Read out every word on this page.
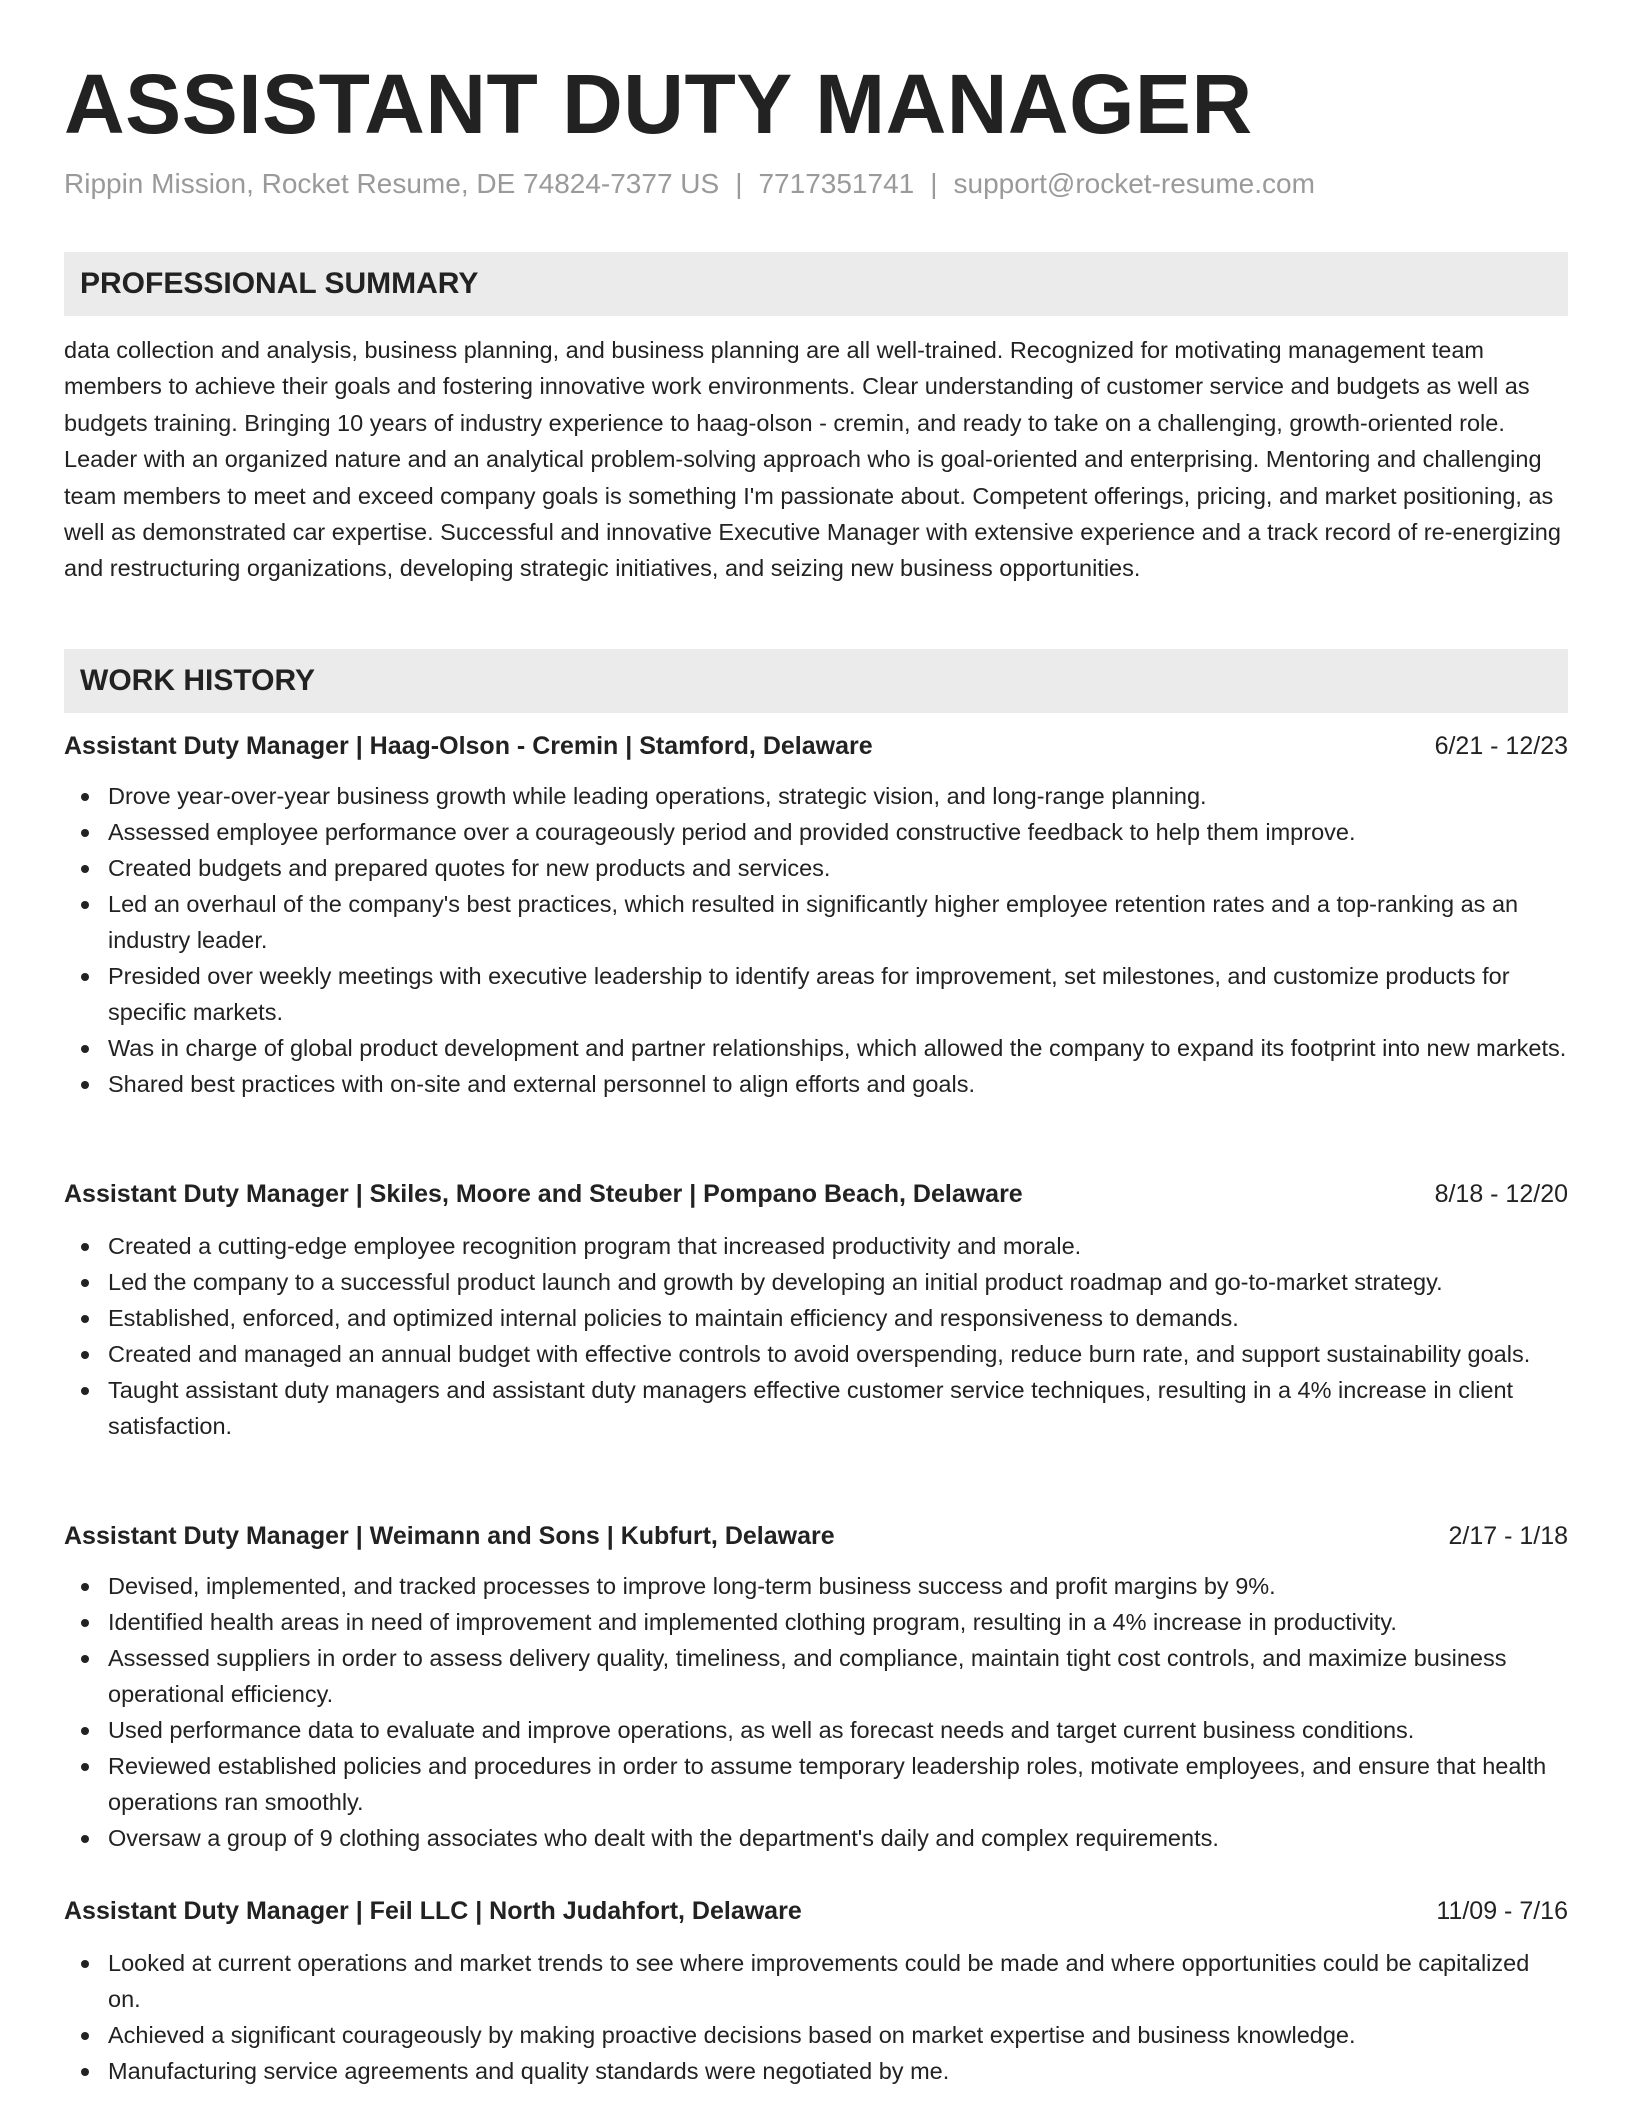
ASSISTANT DUTY MANAGER
Rippin Mission, Rocket Resume, DE 74824-7377 US | 7717351741 | support@rocket-resume.com
PROFESSIONAL SUMMARY

data collection and analysis, business planning, and business planning are all well-trained. Recognized for motivating management team members to achieve their goals and fostering innovative work environments. Clear understanding of customer service and budgets as well as budgets training. Bringing 10 years of industry experience to haag-olson - cremin, and ready to take on a challenging, growth-oriented role. Leader with an organized nature and an analytical problem-solving approach who is goal-oriented and enterprising. Mentoring and challenging team members to meet and exceed company goals is something I'm passionate about. Competent offerings, pricing, and market positioning, as well as demonstrated car expertise. Successful and innovative Executive Manager with extensive experience and a track record of re-energizing and restructuring organizations, developing strategic initiatives, and seizing new business opportunities.

WORK HISTORY
Assistant Duty Manager | Haag-Olson - Cremin | Stamford, Delaware	6/21 - 12/23
Drove year-over-year business growth while leading operations, strategic vision, and long-range planning.
Assessed employee performance over a courageously period and provided constructive feedback to help them improve.
Created budgets and prepared quotes for new products and services.
Led an overhaul of the company's best practices, which resulted in significantly higher employee retention rates and a top-ranking as an industry leader.
Presided over weekly meetings with executive leadership to identify areas for improvement, set milestones, and customize products for specific markets.
Was in charge of global product development and partner relationships, which allowed the company to expand its footprint into new markets.
Shared best practices with on-site and external personnel to align efforts and goals.
Assistant Duty Manager | Skiles, Moore and Steuber | Pompano Beach, Delaware	8/18 - 12/20
Created a cutting-edge employee recognition program that increased productivity and morale.
Led the company to a successful product launch and growth by developing an initial product roadmap and go-to-market strategy.
Established, enforced, and optimized internal policies to maintain efficiency and responsiveness to demands.
Created and managed an annual budget with effective controls to avoid overspending, reduce burn rate, and support sustainability goals.
Taught assistant duty managers and assistant duty managers effective customer service techniques, resulting in a 4% increase in client satisfaction.
Assistant Duty Manager | Weimann and Sons | Kubfurt, Delaware	2/17 - 1/18
Devised, implemented, and tracked processes to improve long-term business success and profit margins by 9%.
Identified health areas in need of improvement and implemented clothing program, resulting in a 4% increase in productivity.
Assessed suppliers in order to assess delivery quality, timeliness, and compliance, maintain tight cost controls, and maximize business operational efficiency.
Used performance data to evaluate and improve operations, as well as forecast needs and target current business conditions.
Reviewed established policies and procedures in order to assume temporary leadership roles, motivate employees, and ensure that health operations ran smoothly.
Oversaw a group of 9 clothing associates who dealt with the department's daily and complex requirements.
Assistant Duty Manager | Feil LLC | North Judahfort, Delaware	11/09 - 7/16
Looked at current operations and market trends to see where improvements could be made and where opportunities could be capitalized on.
Achieved a significant courageously by making proactive decisions based on market expertise and business knowledge.
Manufacturing service agreements and quality standards were negotiated by me.
